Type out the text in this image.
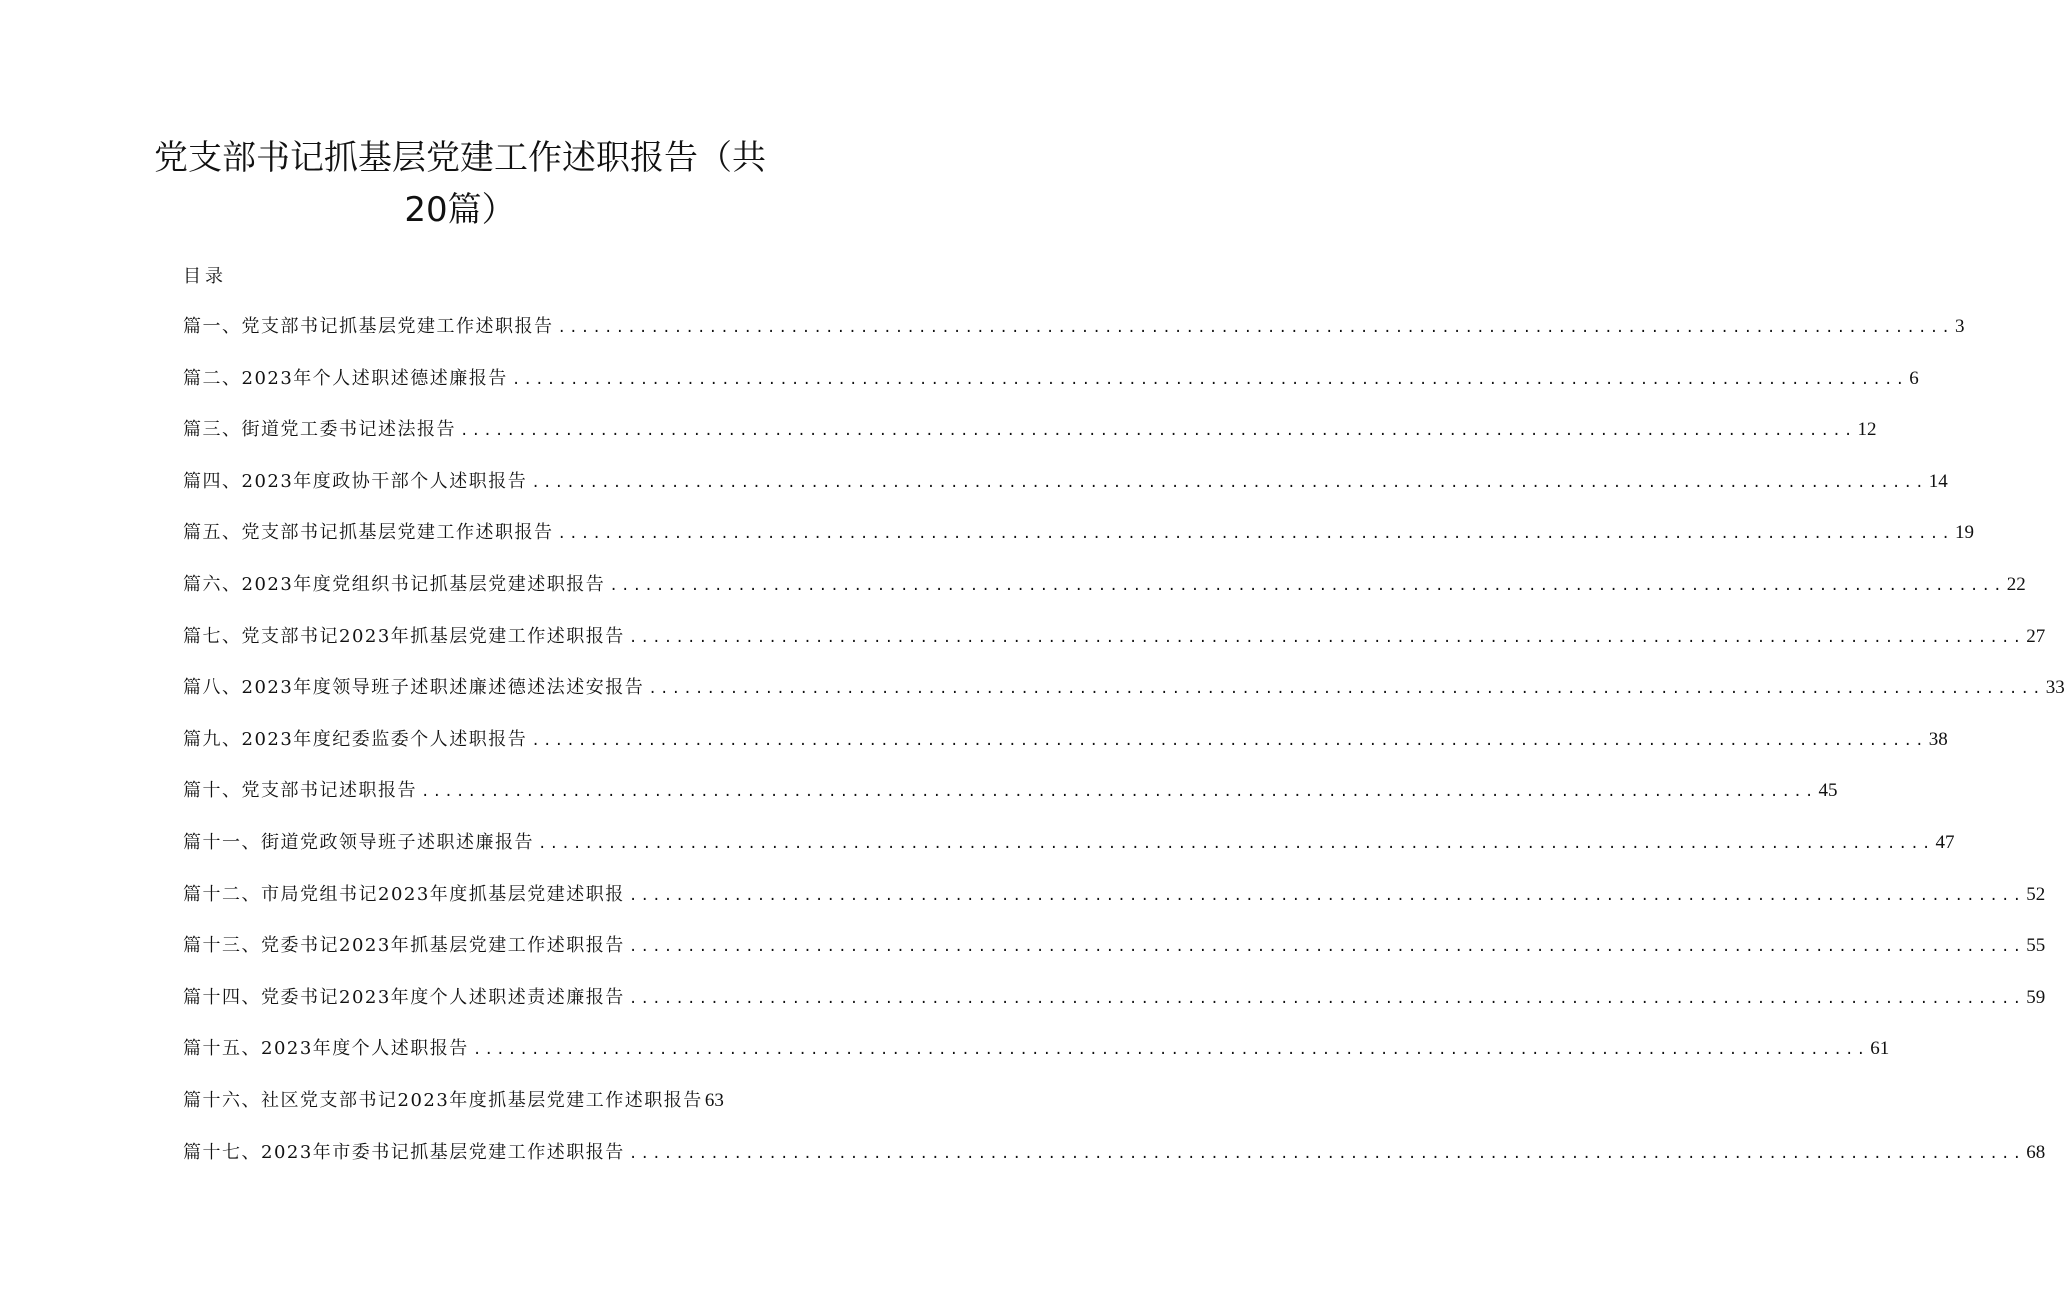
党支部书记抓基层党建工作述职报告（共20篇）
目录
篇一、党支部书记抓基层党建工作述职报告 ........................................................................................................................ 3
篇二、2023年个人述职述德述廉报告 ........................................................................................................................ 6
篇三、街道党工委书记述法报告 ........................................................................................................................ 12
篇四、2023年度政协干部个人述职报告 ........................................................................................................................ 14
篇五、党支部书记抓基层党建工作述职报告 ........................................................................................................................ 19
篇六、2023年度党组织书记抓基层党建述职报告 ........................................................................................................................ 22
篇七、党支部书记2023年抓基层党建工作述职报告 ........................................................................................................................ 27
篇八、2023年度领导班子述职述廉述德述法述安报告 ........................................................................................................................ 33
篇九、2023年度纪委监委个人述职报告 ........................................................................................................................ 38
篇十、党支部书记述职报告 ........................................................................................................................ 45
篇十一、街道党政领导班子述职述廉报告 ........................................................................................................................ 47
篇十二、市局党组书记2023年度抓基层党建述职报 ........................................................................................................................ 52
篇十三、党委书记2023年抓基层党建工作述职报告 ........................................................................................................................ 55
篇十四、党委书记2023年度个人述职述责述廉报告 ........................................................................................................................ 59
篇十五、2023年度个人述职报告 ........................................................................................................................ 61
篇十六、社区党支部书记2023年度抓基层党建工作述职报告 63
篇十七、2023年市委书记抓基层党建工作述职报告 ........................................................................................................................ 68
